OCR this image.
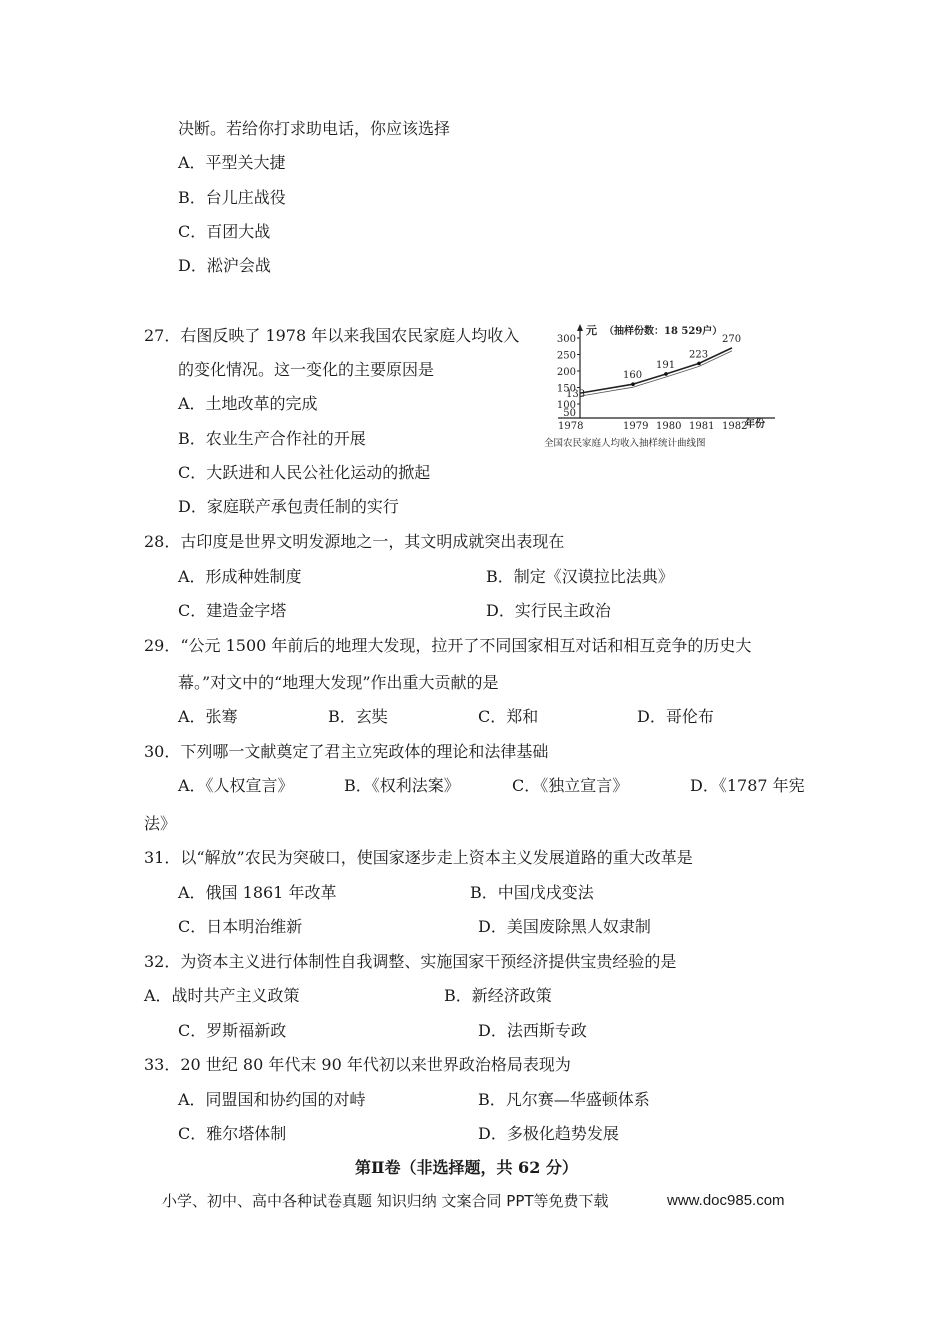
决断。若给你打求助电话，你应该选择
A．平型关大捷
B．台儿庄战役
C．百团大战
D．淞沪会战
27．右图反映了 1978 年以来我国农民家庭人均收入
的变化情况。这一变化的主要原因是
A．土地改革的完成
B．农业生产合作社的开展
C．大跃进和人民公社化运动的掀起
D．家庭联产承包责任制的实行
元 （抽样份数：18 529户）
年份
全国农民家庭人均收入抽样统计曲线图
300
250
200
150
100
50
1978	1979 1980 1981 1982
133
160
191
223
270
28．古印度是世界文明发源地之一，其文明成就突出表现在
A．形成种姓制度	B．制定《汉谟拉比法典》
C．建造金字塔	D．实行民主政治
29．“公元 1500 年前后的地理大发现，拉开了不同国家相互对话和相互竞争的历史大
幕。”对文中的“地理大发现”作出重大贡献的是
A．张骞	B．玄奘	C．郑和	D．哥伦布
30．下列哪一文献奠定了君主立宪政体的理论和法律基础
A．《人权宣言》	B．《权利法案》	C．《独立宣言》	D．《1787 年宪
法》
31．以“解放”农民为突破口，使国家逐步走上资本主义发展道路的重大改革是
A．俄国 1861 年改革	B．中国戊戌变法
C．日本明治维新	D．美国废除黑人奴隶制
32．为资本主义进行体制性自我调整、实施国家干预经济提供宝贵经验的是
A．战时共产主义政策	B．新经济政策
C．罗斯福新政	D．法西斯专政
33．20 世纪 80 年代末 90 年代初以来世界政治格局表现为
A．同盟国和协约国的对峙	B．凡尔赛—华盛顿体系
C．雅尔塔体制	D．多极化趋势发展
第Ⅱ卷（非选择题，共 62 分）
小学、初中、高中各种试卷真题 知识归纳 文案合同 PPT等免费下载	www.doc985.com
